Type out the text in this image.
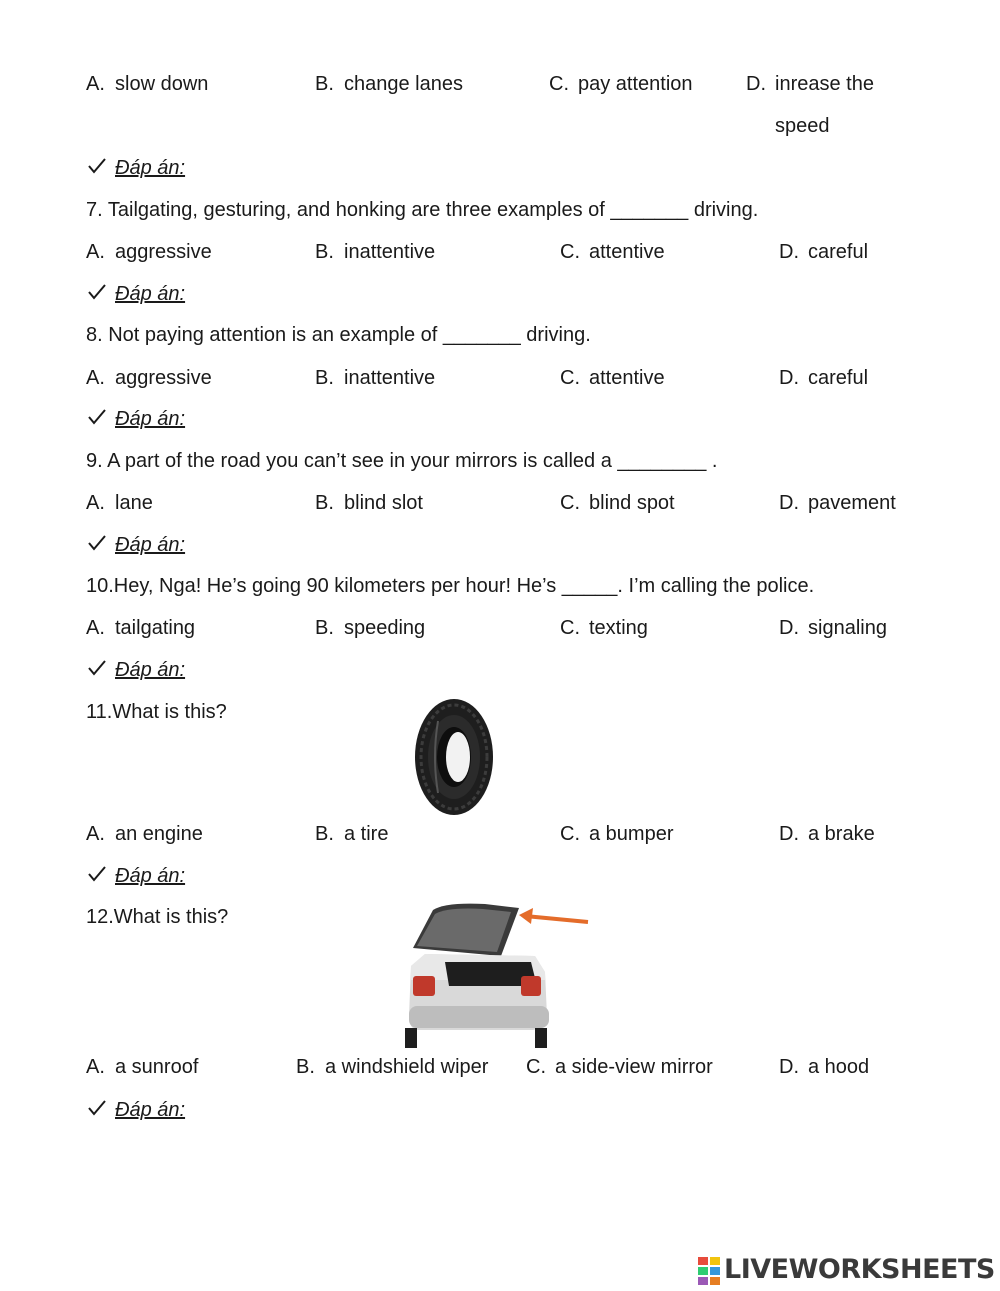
A. slow down	B. change lanes	C. pay attention	D. inrease the
speed
Đáp án:
7. Tailgating, gesturing, and honking are three examples of _______ driving.
A. aggressive	B. inattentive	C. attentive	D. careful
Đáp án:
8. Not paying attention is an example of _______ driving.
A. aggressive	B. inattentive	C. attentive	D. careful
Đáp án:
9. A part of the road you can’t see in your mirrors is called a ________ .
A. lane	B. blind slot	C. blind spot	D. pavement
Đáp án:
10.Hey, Nga! He’s going 90 kilometers per hour! He’s _____. I’m calling the police.
A. tailgating	B. speeding	C. texting	D. signaling
Đáp án:
11.What is this?
A. an engine	B. a tire	C. a bumper	D. a brake
Đáp án:
12.What is this?
A. a sunroof	B. a windshield wiper C. a side-view mirror	D. a hood
Đáp án:
LIVEWORKSHEETS
